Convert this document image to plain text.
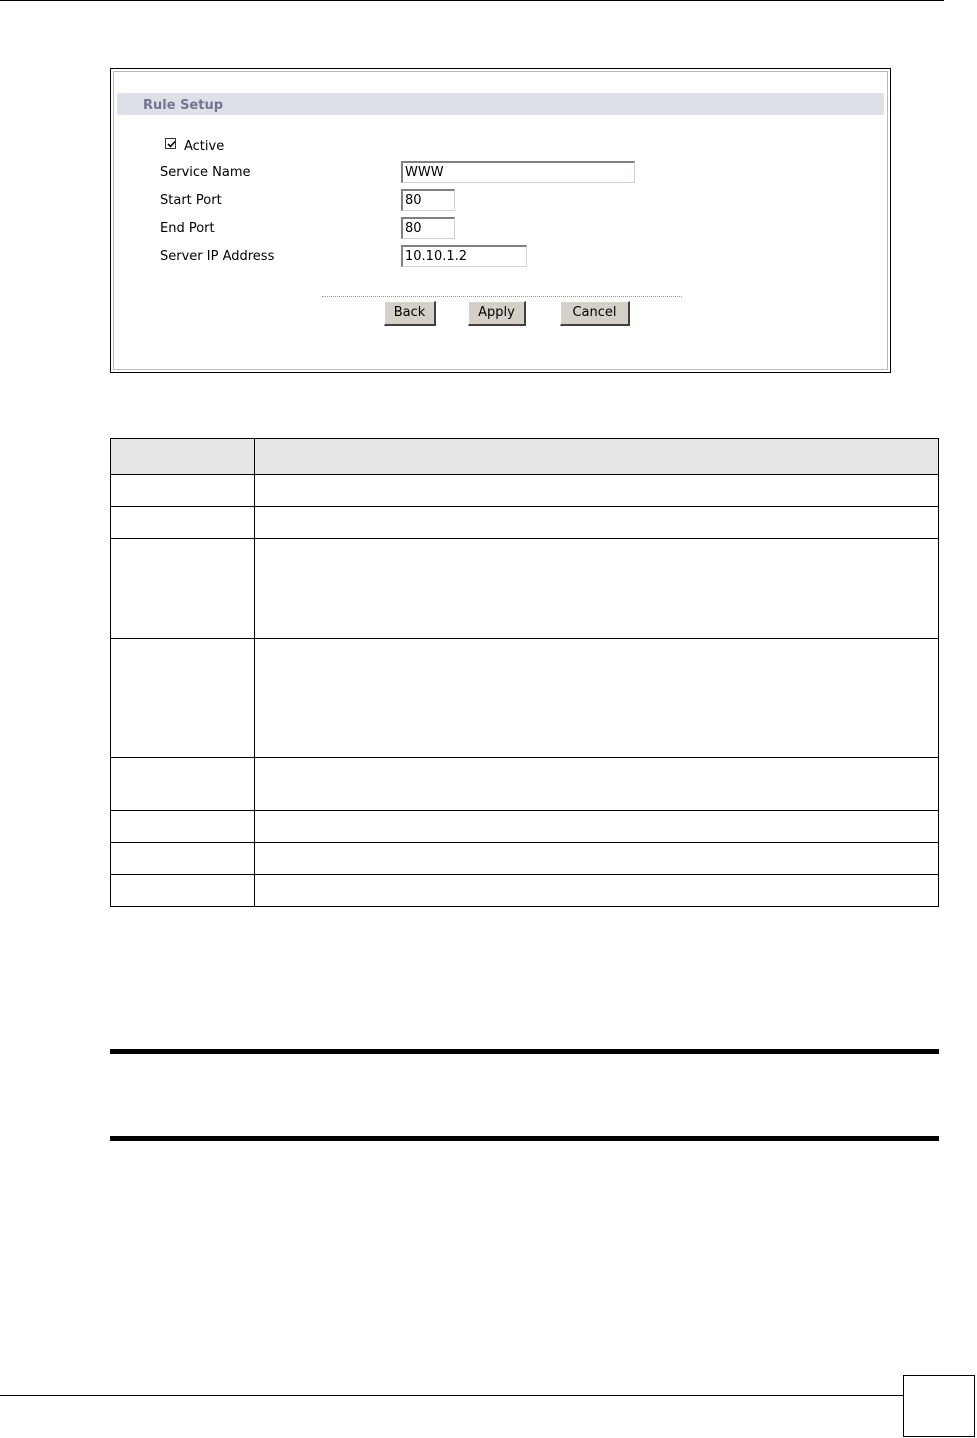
Rule Setup
Active
Service Name	WWW
Start Port	80
End Port	80
Server IP Address	10.10.1.2
Back	Apply	Cancel
